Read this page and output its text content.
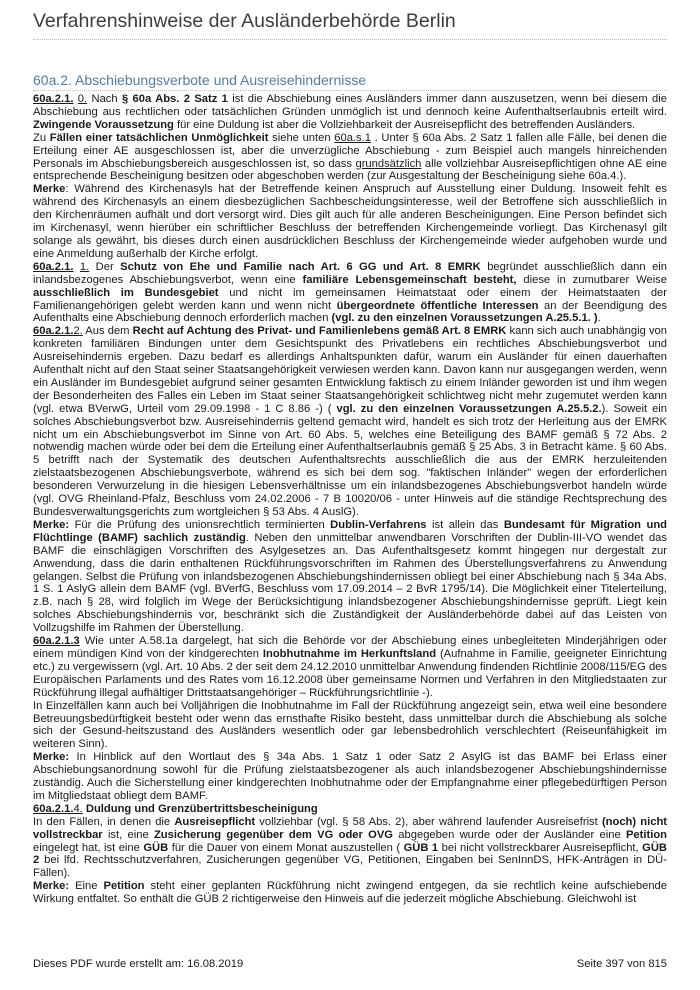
Verfahrenshinweise der Ausländerbehörde Berlin
60a.2. Abschiebungsverbote und Ausreisehindernisse

60a.2.1. 0. Nach § 60a Abs. 2 Satz 1 ist die Abschiebung eines Ausländers immer dann auszusetzen, wenn bei diesem die Abschiebung aus rechtlichen oder tatsächlichen Gründen unmöglich ist und dennoch keine Aufenthaltserlaubnis erteilt wird. Zwingende Voraussetzung für eine Duldung ist aber die Vollziehbarkeit der Ausreisepflicht des betreffenden Ausländers.

Zu Fällen einer tatsächlichen Unmöglichkeit siehe unten 60a.s.1 . Unter § 60a Abs. 2 Satz 1 fallen alle Fälle, bei denen die Erteilung einer AE ausgeschlossen ist, aber die unverzügliche Abschiebung - zum Beispiel auch mangels hinreichenden Personals im Abschiebungsbereich ausgeschlossen ist, so dass grundsätzlich alle vollziehbar Ausreisepflichtigen ohne AE eine entsprechende Bescheinigung besitzen oder abgeschoben werden (zur Ausgestaltung der Bescheinigung siehe 60a.4.).

Merke: Während des Kirchenasyls hat der Betreffende keinen Anspruch auf Ausstellung einer Duldung. Insoweit fehlt es während des Kirchenasyls an einem diesbezüglichen Sachbescheidungsinteresse, weil der Betroffene sich ausschließlich in den Kirchenräumen aufhält und dort versorgt wird. Dies gilt auch für alle anderen Bescheinigungen. Eine Person befindet sich im Kirchenasyl, wenn hierüber ein schriftlicher Beschluss der betreffenden Kirchengemeinde vorliegt. Das Kirchenasyl gilt solange als gewährt, bis dieses durch einen ausdrücklichen Beschluss der Kirchengemeinde wieder aufgehoben wurde und eine Anmeldung außerhalb der Kirche erfolgt.

60a.2.1. 1. Der Schutz von Ehe und Familie nach Art. 6 GG und Art. 8 EMRK begründet ausschließlich dann ein inlandsbezogenes Abschiebungsverbot, wenn eine familiäre Lebensgemeinschaft besteht, diese in zumutbarer Weise ausschließlich im Bundesgebiet und nicht im gemeinsamen Heimatstaat oder einem der Heimatstaaten der Familienangehörigen gelebt werden kann und wenn nicht übergeordnete öffentliche Interessen an der Beendigung des Aufenthalts eine Abschiebung dennoch erforderlich machen (vgl. zu den einzelnen Voraussetzungen A.25.5.1. ).

60a.2.1.2. Aus dem Recht auf Achtung des Privat- und Familienlebens gemäß Art. 8 EMRK kann sich auch unabhängig von konkreten familiären Bindungen unter dem Gesichtspunkt des Privatlebens ein rechtliches Abschiebungsverbot und Ausreisehindernis ergeben. Dazu bedarf es allerdings Anhaltspunkten dafür, warum ein Ausländer für einen dauerhaften Aufenthalt nicht auf den Staat seiner Staatsangehörigkeit verwiesen werden kann. Davon kann nur ausgegangen werden, wenn ein Ausländer im Bundesgebiet aufgrund seiner gesamten Entwicklung faktisch zu einem Inländer geworden ist und ihm wegen der Besonderheiten des Falles ein Leben im Staat seiner Staatsangehörigkeit schlichtweg nicht mehr zugemutet werden kann (vgl. etwa BVerwG, Urteil vom 29.09.1998 - 1 C 8.86 -) ( vgl. zu den einzelnen Voraussetzungen A.25.5.2.). Soweit ein solches Abschiebungsverbot bzw. Ausreisehindernis geltend gemacht wird, handelt es sich trotz der Herleitung aus der EMRK nicht um ein Abschiebungsverbot im Sinne von Art. 60 Abs. 5, welches eine Beteiligung des BAMF gemäß § 72 Abs. 2 notwendig machen würde oder bei dem die Erteilung einer Aufenthaltserlaubnis gemäß § 25 Abs. 3 in Betracht käme. § 60 Abs. 5 betrifft nach der Systematik des deutschen Aufenthaltsrechts ausschließlich die aus der EMRK herzuleitenden zielstaatsbezogenen Abschiebungsverbote, während es sich bei dem sog. "faktischen Inländer" wegen der erforderlichen besonderen Verwurzelung in die hiesigen Lebensverhältnisse um ein inlandsbezogenes Abschiebungsverbot handeln würde (vgl. OVG Rheinland-Pfalz, Beschluss vom 24.02.2006 - 7 B 10020/06 - unter Hinweis auf die ständige Rechtsprechung des Bundesverwaltungsgerichts zum wortgleichen § 53 Abs. 4 AuslG).

Merke: Für die Prüfung des unionsrechtlich terminierten Dublin-Verfahrens ist allein das Bundesamt für Migration und Flüchtlinge (BAMF) sachlich zuständig. Neben den unmittelbar anwendbaren Vorschriften der Dublin-III-VO wendet das BAMF die einschlägigen Vorschriften des Asylgesetzes an. Das Aufenthaltsgesetz kommt hingegen nur dergestalt zur Anwendung, dass die darin enthaltenen Rückführungsvorschriften im Rahmen des Überstellungsverfahrens zu Anwendung gelangen. Selbst die Prüfung von inlandsbezogenen Abschiebungshindernissen obliegt bei einer Abschiebung nach § 34a Abs. 1 S. 1 AslyG allein dem BAMF (vgl. BVerfG, Beschluss vom 17.09.2014 – 2 BvR 1795/14). Die Möglichkeit einer Titelerteilung, z.B. nach § 28, wird folglich im Wege der Berücksichtigung inlandsbezogener Abschiebungshindernisse geprüft. Liegt kein solches Abschiebungshindernis vor, beschränkt sich die Zuständigkeit der Ausländerbehörde dabei auf das Leisten von Vollzugshilfe im Rahmen der Überstellung.

60a.2.1.3 Wie unter A.58.1a dargelegt, hat sich die Behörde vor der Abschiebung eines unbegleiteten Minderjährigen oder einem mündigen Kind von der kindgerechten Inobhutnahme im Herkunftsland (Aufnahme in Familie, geeigneter Einrichtung etc.) zu vergewissern (vgl. Art. 10 Abs. 2 der seit dem 24.12.2010 unmittelbar Anwendung findenden Richtlinie 2008/115/EG des Europäischen Parlaments und des Rates vom 16.12.2008 über gemeinsame Normen und Verfahren in den Mitgliedstaaten zur Rückführung illegal aufhältiger Drittstaatsangehöriger – Rückführungsrichtlinie -).

In Einzelfällen kann auch bei Volljährigen die Inobhutnahme im Fall der Rückführung angezeigt sein, etwa weil eine besondere Betreuungsbedürftigkeit besteht oder wenn das ernsthafte Risiko besteht, dass unmittelbar durch die Abschiebung als solche sich der Gesund-heitszustand des Ausländers wesentlich oder gar lebensbedrohlich verschlechtert (Reiseunfähigkeit im weiteren Sinn).

Merke: In Hinblick auf den Wortlaut des § 34a Abs. 1 Satz 1 oder Satz 2 AsylG ist das BAMF bei Erlass einer Abschiebungsanordnung sowohl für die Prüfung zielstaatsbezogener als auch inlandsbezogener Abschiebungshindernisse zuständig. Auch die Sicherstellung einer kindgerechten Inobhutnahme oder der Empfangnahme einer pflegebedürftigen Person im Mitgliedstaat obliegt dem BAMF.

60a.2.1.4. Duldung und Grenzübertrittsbescheinigung

In den Fällen, in denen die Ausreisepflicht vollziehbar (vgl. § 58 Abs. 2), aber während laufender Ausreisefrist (noch) nicht vollstreckbar ist, eine Zusicherung gegenüber dem VG oder OVG abgegeben wurde oder der Ausländer eine Petition eingelegt hat, ist eine GÜB für die Dauer von einem Monat auszustellen ( GÜB 1 bei nicht vollstreckbarer Ausreisepflicht, GÜB 2 bei lfd. Rechtsschutzverfahren, Zusicherungen gegenüber VG, Petitionen, Eingaben bei SenInnDS, HFK-Anträgen in DÜ-Fällen).

Merke: Eine Petition steht einer geplanten Rückführung nicht zwingend entgegen, da sie rechtlich keine aufschiebende Wirkung entfaltet. So enthält die GÜB 2 richtigerweise den Hinweis auf die jederzeit mögliche Abschiebung. Gleichwohl ist

Dieses PDF wurde erstellt am: 16.08.2019	Seite 397 von 815
